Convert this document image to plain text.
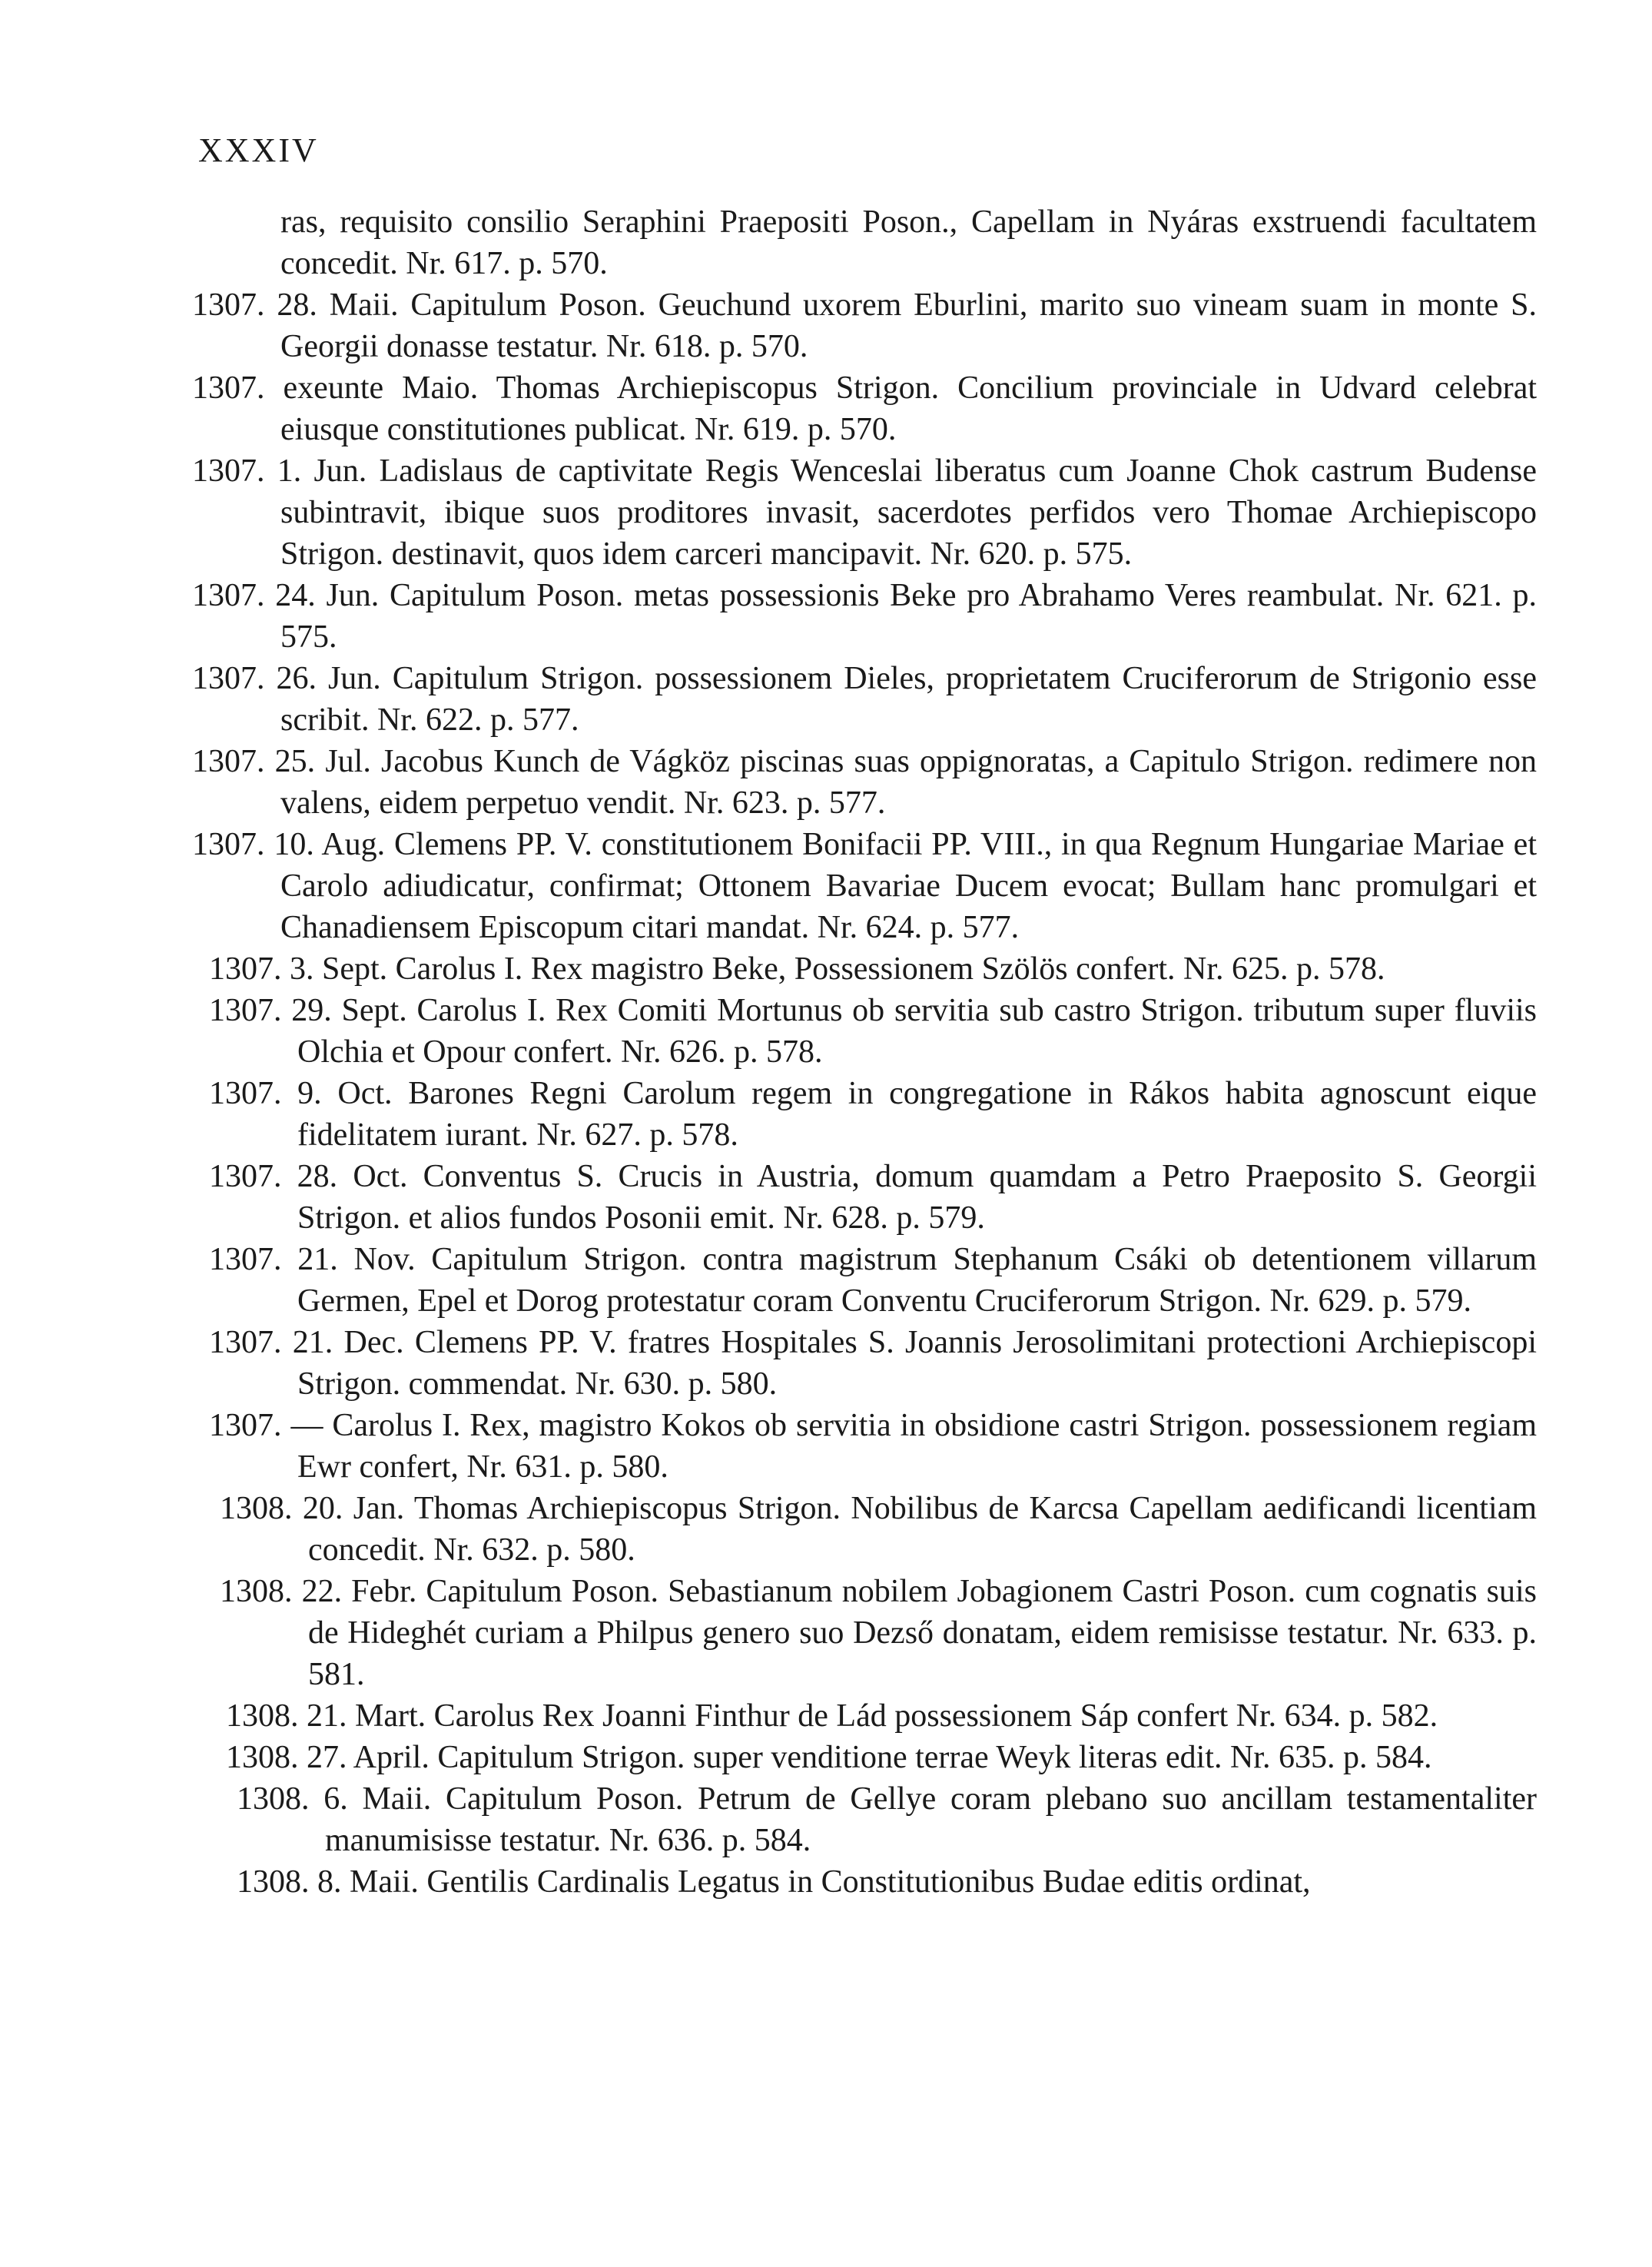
XXXIV

ras, requisito consilio Seraphini Praepositi Poson., Capellam in Nyáras exstruendi facultatem concedit. Nr. 617. p. 570.

1307. 28. Maii. Capitulum Poson. Geuchund uxorem Eburlini, marito suo vineam suam in monte S. Georgii donasse testatur. Nr. 618. p. 570.

1307. exeunte Maio. Thomas Archiepiscopus Strigon. Concilium provinciale in Udvard celebrat eiusque constitutiones publicat. Nr. 619. p. 570.

1307. 1. Jun. Ladislaus de captivitate Regis Wenceslai liberatus cum Joanne Chok castrum Budense subintravit, ibique suos proditores invasit, sacerdotes perfidos vero Thomae Archiepiscopo Strigon. destinavit, quos idem carceri mancipavit. Nr. 620. p. 575.

1307. 24. Jun. Capitulum Poson. metas possessionis Beke pro Abrahamo Veres reambulat. Nr. 621. p. 575.

1307. 26. Jun. Capitulum Strigon. possessionem Dieles, proprietatem Cruciferorum de Strigonio esse scribit. Nr. 622. p. 577.

1307. 25. Jul. Jacobus Kunch de Vágköz piscinas suas oppignoratas, a Capitulo Strigon. redimere non valens, eidem perpetuo vendit. Nr. 623. p. 577.

1307. 10. Aug. Clemens PP. V. constitutionem Bonifacii PP. VIII., in qua Regnum Hungariae Mariae et Carolo adiudicatur, confirmat; Ottonem Bavariae Ducem evocat; Bullam hanc promulgari et Chanadiensem Episcopum citari mandat. Nr. 624. p. 577.

1307. 3. Sept. Carolus I. Rex magistro Beke, Possessionem Szölös confert. Nr. 625. p. 578.

1307. 29. Sept. Carolus I. Rex Comiti Mortunus ob servitia sub castro Strigon. tributum super fluviis Olchia et Opour confert. Nr. 626. p. 578.

1307. 9. Oct. Barones Regni Carolum regem in congregatione in Rákos habita agnoscunt eique fidelitatem iurant. Nr. 627. p. 578.

1307. 28. Oct. Conventus S. Crucis in Austria, domum quamdam a Petro Praeposito S. Georgii Strigon. et alios fundos Posonii emit. Nr. 628. p. 579.

1307. 21. Nov. Capitulum Strigon. contra magistrum Stephanum Csáki ob detentionem villarum Germen, Epel et Dorog protestatur coram Conventu Cruciferorum Strigon. Nr. 629. p. 579.

1307. 21. Dec. Clemens PP. V. fratres Hospitales S. Joannis Jerosolimitani protectioni Archiepiscopi Strigon. commendat. Nr. 630. p. 580.

1307. — Carolus I. Rex, magistro Kokos ob servitia in obsidione castri Strigon. possessionem regiam Ewr confert, Nr. 631. p. 580.

1308. 20. Jan. Thomas Archiepiscopus Strigon. Nobilibus de Karcsa Capellam aedificandi licentiam concedit. Nr. 632. p. 580.

1308. 22. Febr. Capitulum Poson. Sebastianum nobilem Jobagionem Castri Poson. cum cognatis suis de Hideghét curiam a Philpus genero suo Dezső donatam, eidem remisisse testatur. Nr. 633. p. 581.

1308. 21. Mart. Carolus Rex Joanni Finthur de Lád possessionem Sáp confert Nr. 634. p. 582.

1308. 27. April. Capitulum Strigon. super venditione terrae Weyk literas edit. Nr. 635. p. 584.

1308. 6. Maii. Capitulum Poson. Petrum de Gellye coram plebano suo ancillam testamentaliter manumisisse testatur. Nr. 636. p. 584.

1308. 8. Maii. Gentilis Cardinalis Legatus in Constitutionibus Budae editis ordinat,
